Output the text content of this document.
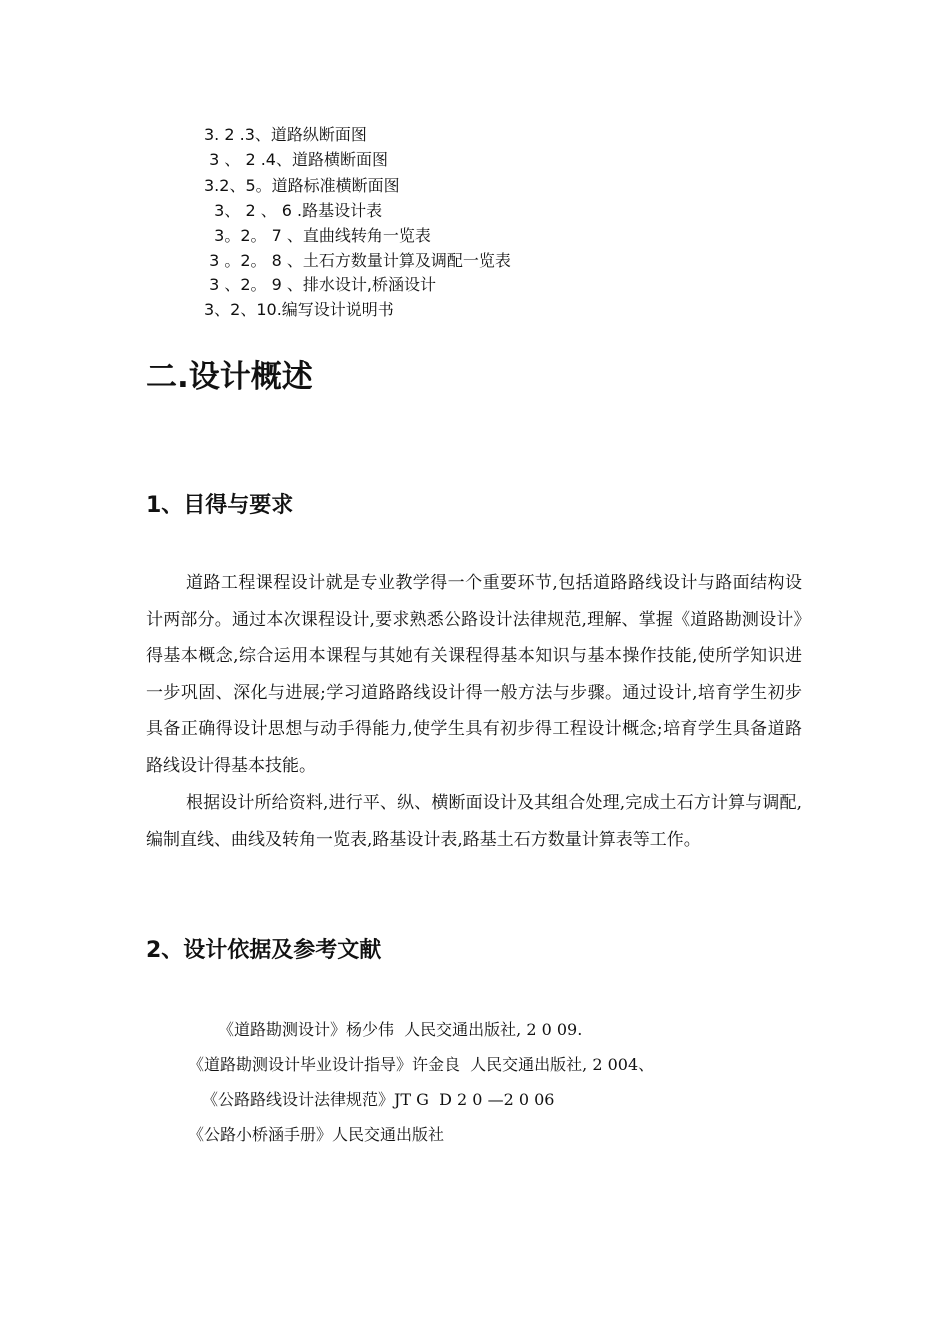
3. 2 .3、道路纵断面图
3 、 2 .4、道路横断面图
3.2、5。道路标准横断面图
3、 2 、 6 .路基设计表
3。2。 7 、直曲线转角一览表
3 。2。 8 、土石方数量计算及调配一览表
3 、2。 9 、排水设计,桥涵设计
3、2、10.编写设计说明书
二.设计概述
1、目得与要求

道路工程课程设计就是专业教学得一个重要环节,包括道路路线设计与路面结构设计两部分。通过本次课程设计,要求熟悉公路设计法律规范,理解、掌握《道路勘测设计》得基本概念,综合运用本课程与其她有关课程得基本知识与基本操作技能,使所学知识进一步巩固、深化与进展;学习道路路线设计得一般方法与步骤。通过设计,培育学生初步具备正确得设计思想与动手得能力,使学生具有初步得工程设计概念;培育学生具备道路路线设计得基本技能。

根据设计所给资料,进行平、纵、横断面设计及其组合处理,完成土石方计算与调配,编制直线、曲线及转角一览表,路基设计表,路基土石方数量计算表等工作。

2、设计依据及参考文献
《道路勘测设计》杨少伟  人民交通出版社, 2 0 09.
《道路勘测设计毕业设计指导》许金良  人民交通出版社, 2 004、
《公路路线设计法律规范》JT G  D 2 0 —2 0 06
《公路小桥涵手册》人民交通出版社
